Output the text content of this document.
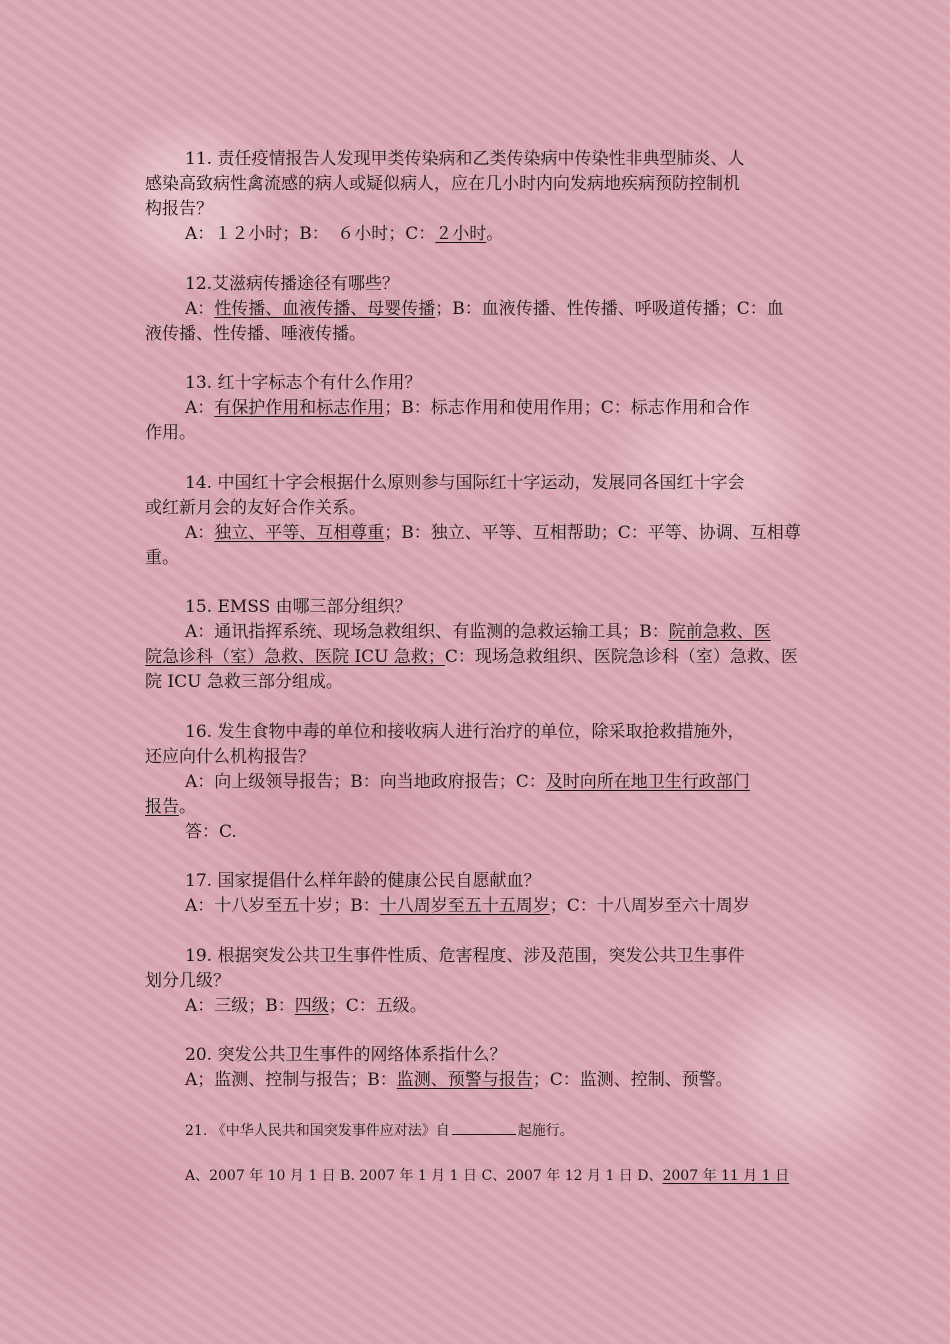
11. 责任疫情报告人发现甲类传染病和乙类传染病中传染性非典型肺炎、人
感染高致病性禽流感的病人或疑似病人，应在几小时内向发病地疾病预防控制机
构报告？
A：１２小时；B：　６小时；C：２小时。
12.艾滋病传播途径有哪些？
A：性传播、血液传播、母婴传播；B：血液传播、性传播、呼吸道传播；C：血
液传播、性传播、唾液传播。
13. 红十字标志个有什么作用？
A：有保护作用和标志作用；B：标志作用和使用作用；C：标志作用和合作
作用。
14. 中国红十字会根据什么原则参与国际红十字运动，发展同各国红十字会
或红新月会的友好合作关系。
A：独立、平等、互相尊重；B：独立、平等、互相帮助；C：平等、协调、互相尊
重。
15. EMSS 由哪三部分组织？
A：通讯指挥系统、现场急救组织、有监测的急救运输工具；B：院前急救、医
院急诊科（室）急救、医院 ICU 急救；C：现场急救组织、医院急诊科（室）急救、医
院 ICU 急救三部分组成。
16. 发生食物中毒的单位和接收病人进行治疗的单位，除采取抢救措施外，
还应向什么机构报告？
A：向上级领导报告；B：向当地政府报告；C：及时向所在地卫生行政部门
报告。
答：C.
17. 国家提倡什么样年龄的健康公民自愿献血？
A：十八岁至五十岁；B：十八周岁至五十五周岁；C：十八周岁至六十周岁
19. 根据突发公共卫生事件性质、危害程度、涉及范围，突发公共卫生事件
划分几级？
A：三级；B：四级；C：五级。
20. 突发公共卫生事件的网络体系指什么？
A；监测、控制与报告；B：监测、预警与报告；C：监测、控制、预警。
21. 《中华人民共和国突发事件应对法》自	起施行。
A、2007 年 10 月 1 日 B. 2007 年 1 月 1 日 C、2007 年 12 月 1 日 D、2007 年 11 月 1 日
